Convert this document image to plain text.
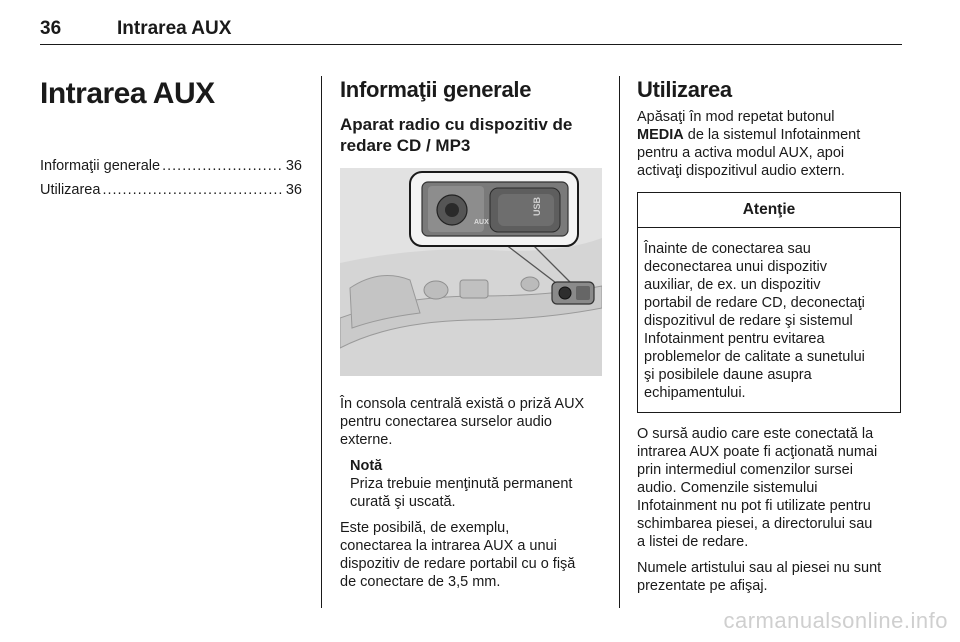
36	Intrarea AUX
Intrarea AUX
Informaţii generale .....	36
Utilizarea .....	36
Informaţii generale
Aparat radio cu dispozitiv de
redare CD / MP3
AUX
USB

În consola centrală există o priză AUX

pentru conectarea surselor audio

externe.

Notă

Priza trebuie menţinută permanent

curată şi uscată.

Este posibilă, de exemplu,

conectarea la intrarea AUX a unui

dispozitiv de redare portabil cu o fişă

de conectare de 3,5 mm.

Utilizarea

Apăsaţi în mod repetat butonul

MEDIA de la sistemul Infotainment

pentru a activa modul AUX, apoi

activaţi dispozitivul audio extern.

Atenţie

Înainte de conectarea sau

deconectarea unui dispozitiv

auxiliar, de ex. un dispozitiv

portabil de redare CD, deconectaţi

dispozitivul de redare şi sistemul

Infotainment pentru evitarea

problemelor de calitate a sunetului

şi posibilele daune asupra

echipamentului.

O sursă audio care este conectată la

intrarea AUX poate fi acţionată numai

prin intermediul comenzilor sursei

audio. Comenzile sistemului

Infotainment nu pot fi utilizate pentru

schimbarea piesei, a directorului sau

a listei de redare.

Numele artistului sau al piesei nu sunt

prezentate pe afişaj.

carmanualsonline.info
